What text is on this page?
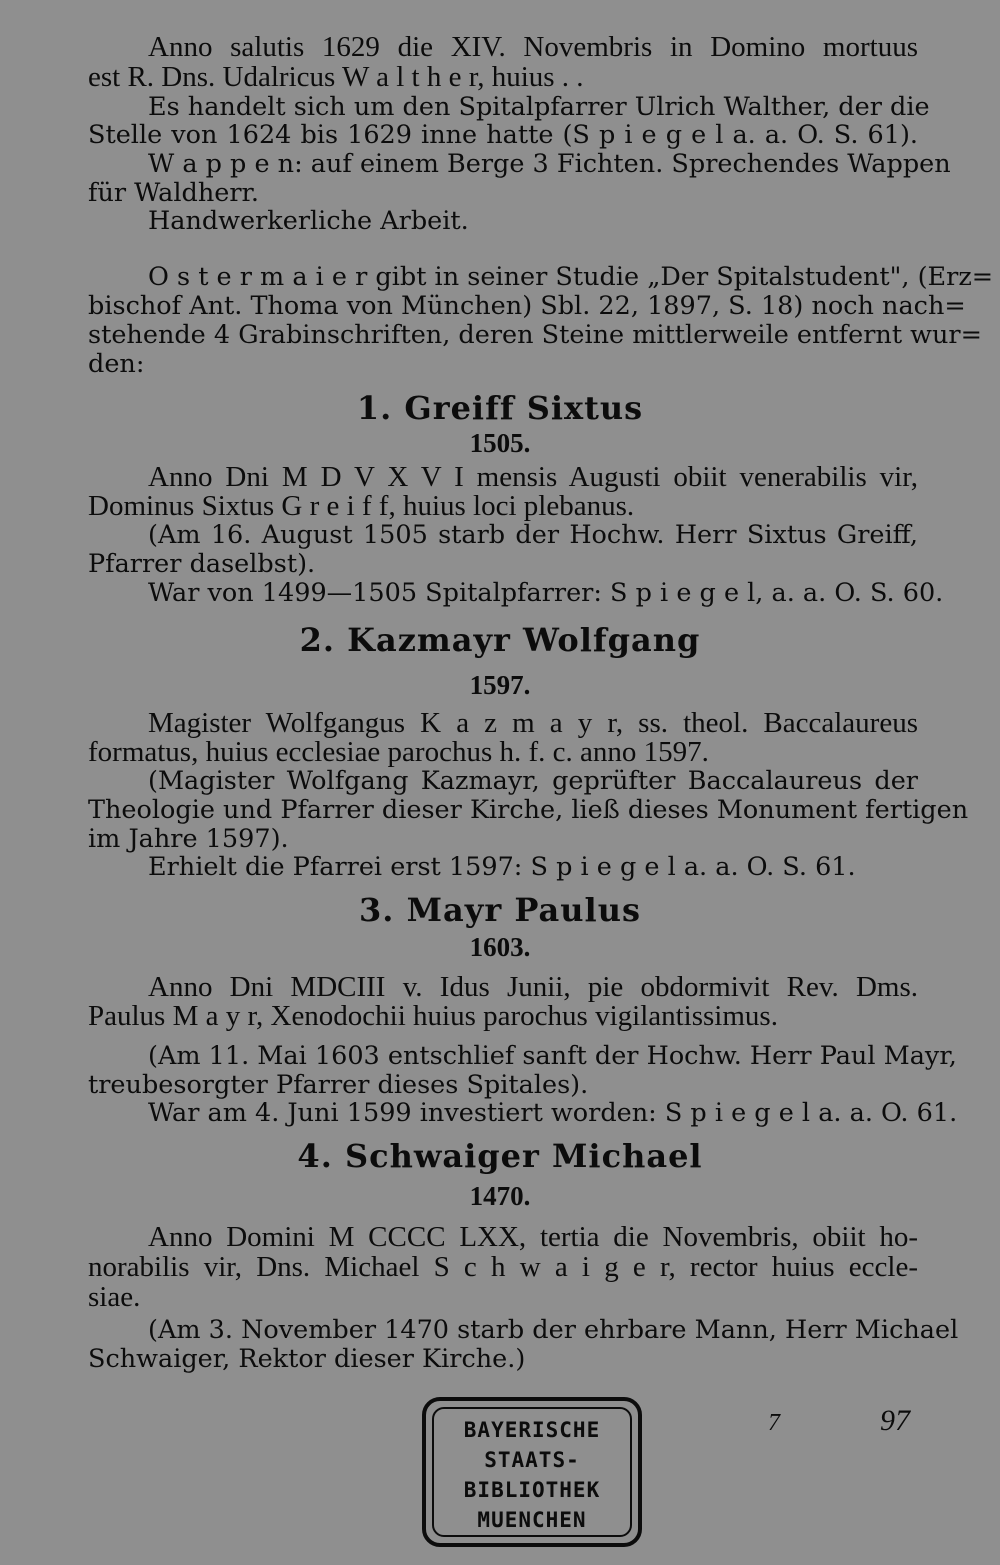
Anno salutis 1629 die XIV. Novembris in Domino mortuus
est R. Dns. Udalricus W a l t h e r, huius . .
Es handelt sich um den Spitalpfarrer Ulrich Walther, der die
Stelle von 1624 bis 1629 inne hatte (S p i e g e l a. a. O. S. 61).
W a p p e n: auf einem Berge 3 Fichten. Sprechendes Wappen
für Waldherr.
Handwerkerliche Arbeit.
O s t e r m a i e r gibt in seiner Studie „Der Spitalstudent", (Erz=
bischof Ant. Thoma von München) Sbl. 22, 1897, S. 18) noch nach=
stehende 4 Grabinschriften, deren Steine mittlerweile entfernt wur=
den:
1. Greiff Sixtus
1505.
Anno Dni M D V X V I mensis Augusti obiit venerabilis vir,
Dominus Sixtus G r e i f f, huius loci plebanus.
(Am 16. August 1505 starb der Hochw. Herr Sixtus Greiff,
Pfarrer daselbst).
War von 1499—1505 Spitalpfarrer: S p i e g e l, a. a. O. S. 60.
2. Kazmayr Wolfgang
1597.
Magister Wolfgangus K a z m a y r, ss. theol. Baccalaureus
formatus, huius ecclesiae parochus h. f. c. anno 1597.
(Magister Wolfgang Kazmayr, geprüfter Baccalaureus der
Theologie und Pfarrer dieser Kirche, ließ dieses Monument fertigen
im Jahre 1597).
Erhielt die Pfarrei erst 1597: S p i e g e l a. a. O. S. 61.
3. Mayr Paulus
1603.
Anno Dni MDCIII v. Idus Junii, pie obdormivit Rev. Dms.
Paulus M a y r, Xenodochii huius parochus vigilantissimus.
(Am 11. Mai 1603 entschlief sanft der Hochw. Herr Paul Mayr,
treubesorgter Pfarrer dieses Spitales).
War am 4. Juni 1599 investiert worden: S p i e g e l a. a. O. 61.
4. Schwaiger Michael
1470.
Anno Domini M CCCC LXX, tertia die Novembris, obiit ho-
norabilis vir, Dns. Michael S c h w a i g e r, rector huius eccle-
siae.
(Am 3. November 1470 starb der ehrbare Mann, Herr Michael
Schwaiger, Rektor dieser Kirche.)
BAYERISCHE
STAATS-
BIBLIOTHEK
MUENCHEN
7	97
